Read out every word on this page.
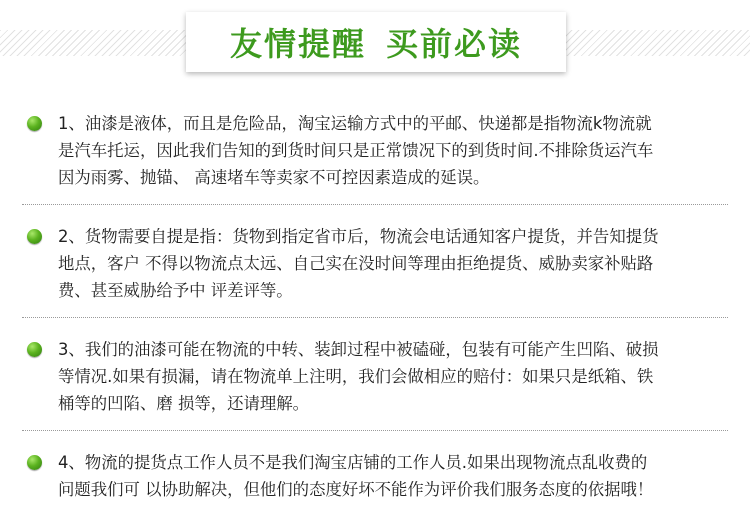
友情提醒 买前必读
1、油漆是液体，而且是危险品，淘宝运输方式中的平邮、快递都是指物流k物流就
是汽车托运，因此我们告知的到货时间只是正常馈况下的到货时间.不排除货运汽车
因为雨雾、抛锚、 高速堵车等卖家不可控因素造成的延误。
2、货物需要自提是指：货物到指定省市后，物流会电话通知客户提货，并告知提货
地点，客户 不得以物流点太远、自己实在没时间等理由拒绝提货、威胁卖家补贴路
费、甚至威胁给予中 评差评等。
3、我们的油漆可能在物流的中转、装卸过程中被磕碰，包装有可能产生凹陷、破损
等情况.如果有损漏，请在物流单上注明，我们会做相应的赔付：如果只是纸箱、铁
桶等的凹陷、磨 损等，还请理解。
4、物流的提货点工作人员不是我们淘宝店铺的工作人员.如果出现物流点乱收费的
问题我们可 以协助解决，但他们的态度好坏不能作为评价我们服务态度的依据哦！
